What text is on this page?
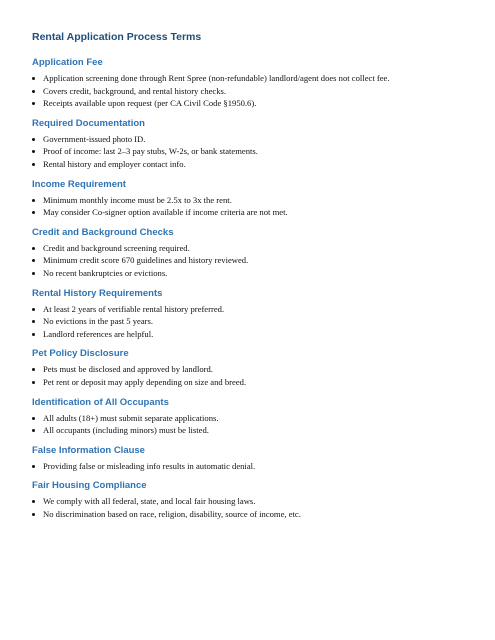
Rental Application Process Terms
Application Fee
Application screening done through Rent Spree (non-refundable) landlord/agent does not collect fee.
Covers credit, background, and rental history checks.
Receipts available upon request (per CA Civil Code §1950.6).
Required Documentation
Government-issued photo ID.
Proof of income: last 2–3 pay stubs, W-2s, or bank statements.
Rental history and employer contact info.
Income Requirement
Minimum monthly income must be 2.5x to 3x the rent.
May consider Co-signer option available if income criteria are not met.
Credit and Background Checks
Credit and background screening required.
Minimum credit score 670 guidelines and history reviewed.
No recent bankruptcies or evictions.
Rental History Requirements
At least 2 years of verifiable rental history preferred.
No evictions in the past 5 years.
Landlord references are helpful.
Pet Policy Disclosure
Pets must be disclosed and approved by landlord.
Pet rent or deposit may apply depending on size and breed.
Identification of All Occupants
All adults (18+) must submit separate applications.
All occupants (including minors) must be listed.
False Information Clause
Providing false or misleading info results in automatic denial.
Fair Housing Compliance
We comply with all federal, state, and local fair housing laws.
No discrimination based on race, religion, disability, source of income, etc.
